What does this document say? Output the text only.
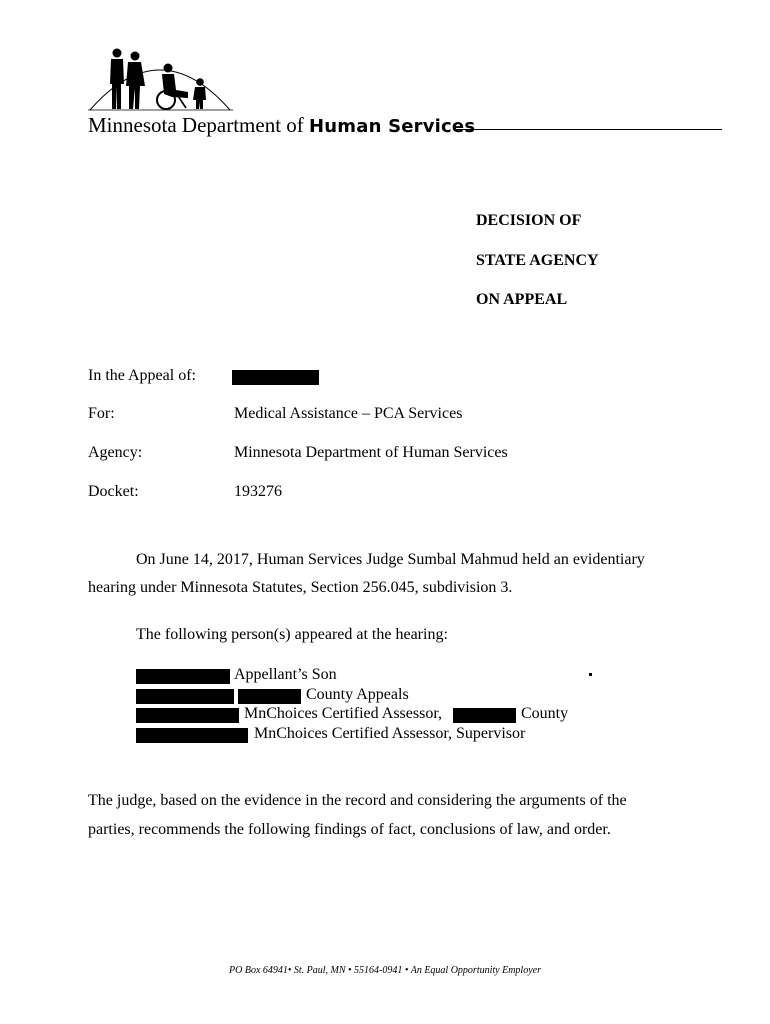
Minnesota Department of Human Services
DECISION OF
STATE AGENCY
ON APPEAL
In the Appeal of:
For:	Medical Assistance – PCA Services
Agency:	Minnesota Department of Human Services
Docket:	193276
On June 14, 2017, Human Services Judge Sumbal Mahmud held an evidentiary
hearing under Minnesota Statutes, Section 256.045, subdivision 3.
The following person(s) appeared at the hearing:
Appellant’s Son
County Appeals
MnChoices Certified Assessor,	County
MnChoices Certified Assessor, Supervisor
The judge, based on the evidence in the record and considering the arguments of the
parties, recommends the following findings of fact, conclusions of law, and order.
PO Box 64941• St. Paul, MN • 55164-0941 • An Equal Opportunity Employer
